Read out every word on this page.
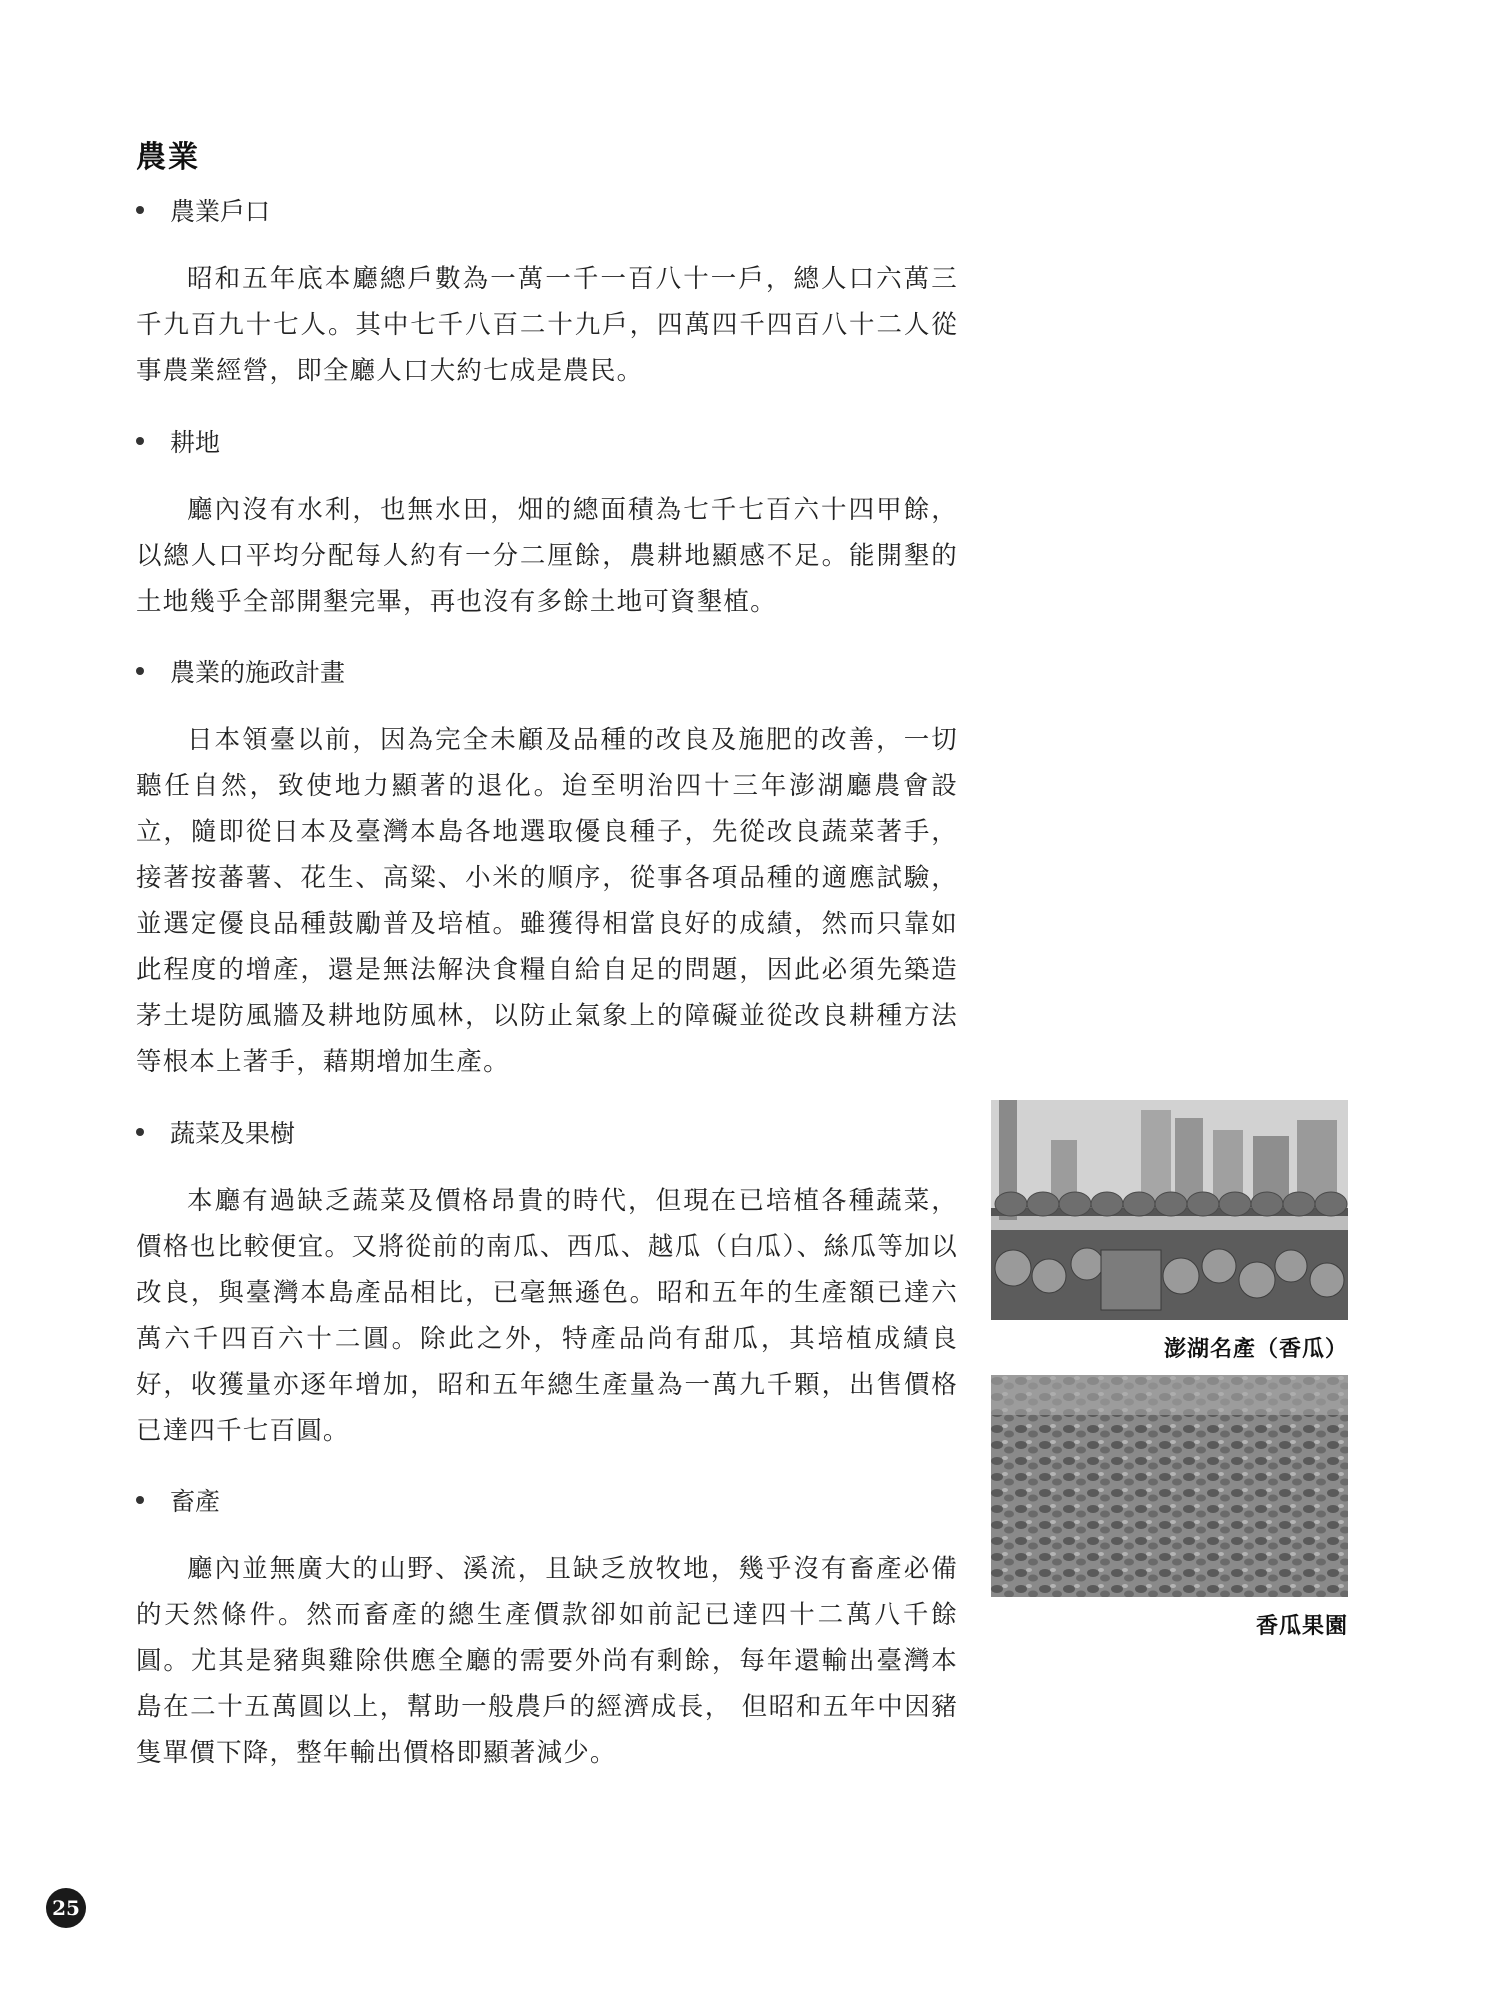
農業
農業戶口

昭和五年底本廳總戶數為一萬一千一百八十一戶，總人口六萬三千九百九十七人。其中七千八百二十九戶，四萬四千四百八十二人從事農業經營，即全廳人口大約七成是農民。

耕地

廳內沒有水利，也無水田，畑的總面積為七千七百六十四甲餘，以總人口平均分配每人約有一分二厘餘，農耕地顯感不足。能開墾的土地幾乎全部開墾完畢，再也沒有多餘土地可資墾植。

農業的施政計畫

日本領臺以前，因為完全未顧及品種的改良及施肥的改善，一切聽任自然，致使地力顯著的退化。迨至明治四十三年澎湖廳農會設立，隨即從日本及臺灣本島各地選取優良種子，先從改良蔬菜著手，接著按蕃薯、花生、高粱、小米的順序，從事各項品種的適應試驗，並選定優良品種鼓勵普及培植。雖獲得相當良好的成績，然而只靠如此程度的增產，還是無法解決食糧自給自足的問題，因此必須先築造茅土堤防風牆及耕地防風林，以防止氣象上的障礙並從改良耕種方法等根本上著手，藉期增加生產。

蔬菜及果樹

本廳有過缺乏蔬菜及價格昂貴的時代，但現在已培植各種蔬菜，價格也比較便宜。又將從前的南瓜、西瓜、越瓜（白瓜）、絲瓜等加以改良，與臺灣本島產品相比，已毫無遜色。昭和五年的生產額已達六萬六千四百六十二圓。除此之外，特產品尚有甜瓜，其培植成績良好，收獲量亦逐年增加，昭和五年總生產量為一萬九千顆，出售價格已達四千七百圓。

畜產

廳內並無廣大的山野、溪流，且缺乏放牧地，幾乎沒有畜產必備的天然條件。然而畜產的總生產價款卻如前記已達四十二萬八千餘圓。尤其是豬與雞除供應全廳的需要外尚有剩餘，每年還輸出臺灣本島在二十五萬圓以上，幫助一般農戶的經濟成長， 但昭和五年中因豬隻單價下降，整年輸出價格即顯著減少。

澎湖名產（香瓜）
香瓜果園
25
